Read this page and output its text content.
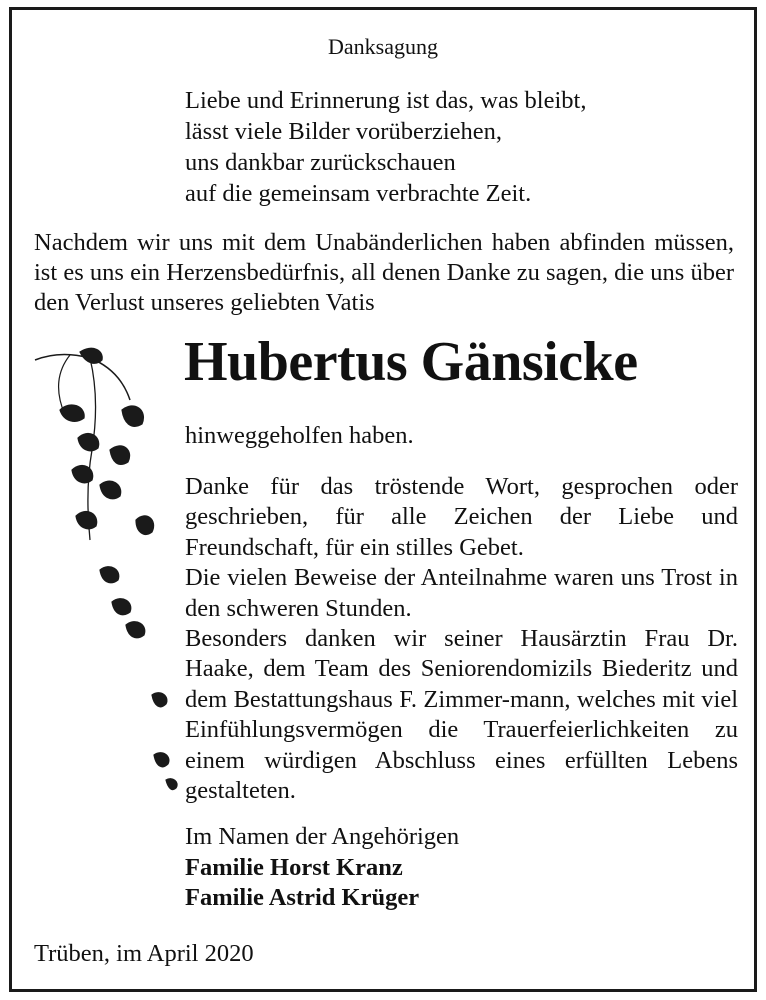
Danksagung
Liebe und Erinnerung ist das, was bleibt,
lässt viele Bilder vorüberziehen,
uns dankbar zurückschauen
auf die gemeinsam verbrachte Zeit.
Nachdem wir uns mit dem Unabänderlichen haben abfinden müssen, ist es uns ein Herzensbedürfnis, all denen Danke zu sagen, die uns über den Verlust unseres geliebten Vatis
Hubertus Gänsicke
hinweggeholfen haben.

Danke für das tröstende Wort, gesprochen oder geschrieben, für alle Zeichen der Liebe und Freundschaft, für ein stilles Gebet.

Die vielen Beweise der Anteilnahme waren uns Trost in den schweren Stunden.

Besonders danken wir seiner Hausärztin Frau Dr. Haake, dem Team des Seniorendomizils Biederitz und dem Bestattungshaus F. Zimmer-mann, welches mit viel Einfühlungsvermögen die Trauerfeierlichkeiten zu einem würdigen Abschluss eines erfüllten Lebens gestalteten.

Im Namen der Angehörigen
Familie Horst Kranz
Familie Astrid Krüger
Trüben, im April 2020
